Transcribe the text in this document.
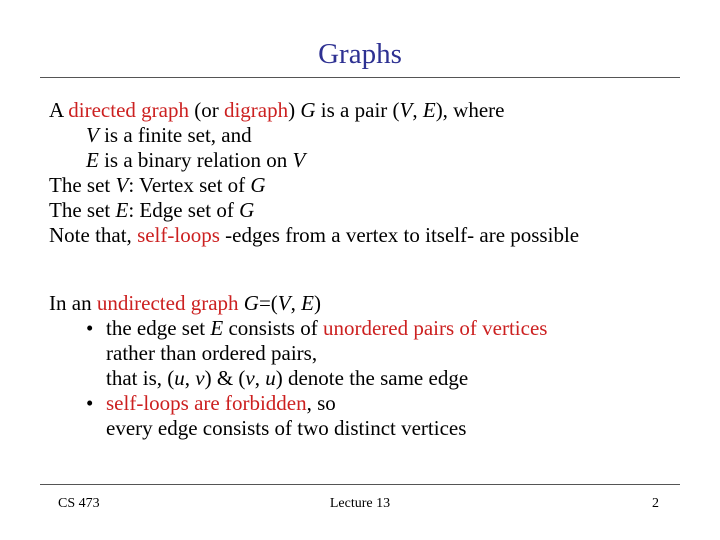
Graphs
A directed graph (or digraph) G is a pair (V, E), where
V is a finite set, and
E is a binary relation on V
The set V: Vertex set of G
The set E: Edge set of G
Note that, self-loops -edges from a vertex to itself- are possible
In an undirected graph G=(V, E)
• the edge set E consists of unordered pairs of vertices
rather than ordered pairs,
that is, (u, v) & (v, u) denote the same edge
• self-loops are forbidden, so
every edge consists of two distinct vertices
CS 473	Lecture 13	2
